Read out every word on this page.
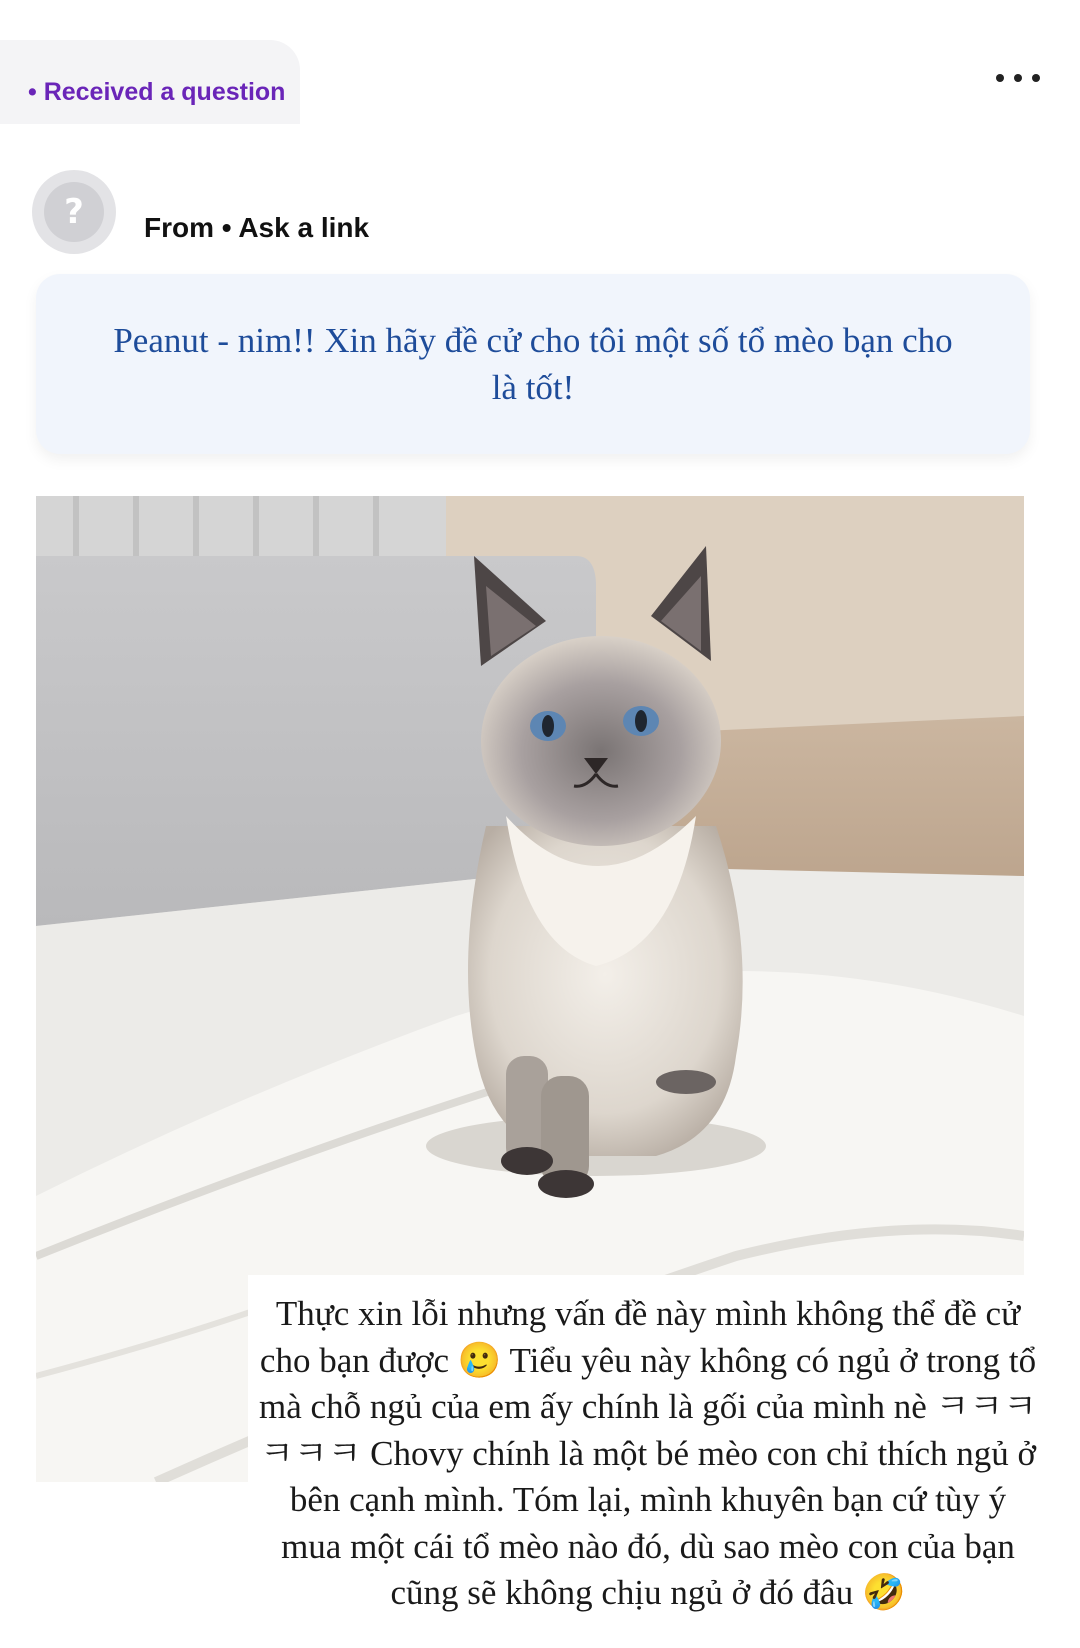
• Received a question
?	From • Ask a link
Peanut - nim!! Xin hãy đề cử cho tôi một số tổ mèo bạn cho là tốt!
Thực xin lỗi nhưng vấn đề này mình không thể đề cử cho bạn được 🥲 Tiểu yêu này không có ngủ ở trong tổ mà chỗ ngủ của em ấy chính là gối của mình nè ㅋㅋㅋㅋㅋㅋ Chovy chính là một bé mèo con chỉ thích ngủ ở bên cạnh mình. Tóm lại, mình khuyên bạn cứ tùy ý mua một cái tổ mèo nào đó, dù sao mèo con của bạn cũng sẽ không chịu ngủ ở đó đâu 🤣
